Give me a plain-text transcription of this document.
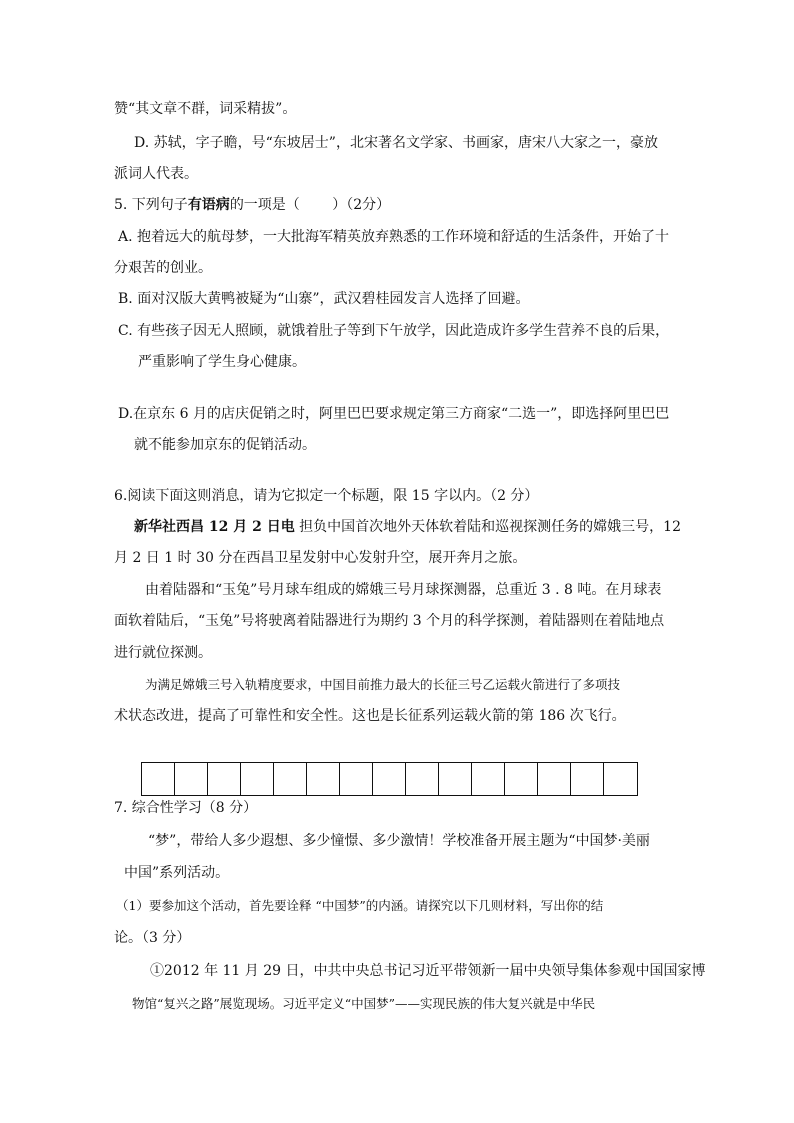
赞“其文章不群，词采精拔”。
D. 苏轼，字子瞻，号“东坡居士”，北宋著名文学家、书画家，唐宋八大家之一，豪放
派词人代表。
5. 下列句子有语病的一项是（　　 ）（2分）
A. 抱着远大的航母梦，一大批海军精英放弃熟悉的工作环境和舒适的生活条件，开始了十
分艰苦的创业。
B. 面对汉版大黄鸭被疑为“山寨”，武汉碧桂园发言人选择了回避。
C. 有些孩子因无人照顾，就饿着肚子等到下午放学，因此造成许多学生营养不良的后果，
严重影响了学生身心健康。
D.在京东 6 月的店庆促销之时，阿里巴巴要求规定第三方商家“二选一”，即选择阿里巴巴
就不能参加京东的促销活动。
6.阅读下面这则消息，请为它拟定一个标题，限 15 字以内。（2 分）
新华社西昌 12 月 2 日电 担负中国首次地外天体软着陆和巡视探测任务的嫦娥三号，12
月 2 日 1 时 30 分在西昌卫星发射中心发射升空，展开奔月之旅。
由着陆器和“玉兔”号月球车组成的嫦娥三号月球探测器，总重近 3 . 8 吨。在月球表
面软着陆后，“玉兔”号将驶离着陆器进行为期约 3 个月的科学探测，着陆器则在着陆地点
进行就位探测。
为满足嫦娥三号入轨精度要求，中国目前推力最大的长征三号乙运载火箭进行了多项技
术状态改进，提高了可靠性和安全性。这也是长征系列运载火箭的第 186 次飞行。
7. 综合性学习（8 分）
“梦”，带给人多少遐想、多少憧憬、多少激情！学校准备开展主题为“中国梦·美丽
中国”系列活动。
（1）要参加这个活动，首先要诠释 “中国梦”的内涵。请探究以下几则材料，写出你的结
论。（3 分）
①2012 年 11 月 29 日，中共中央总书记习近平带领新一届中央领导集体参观中国国家博
物馆“复兴之路”展览现场。习近平定义“中国梦”——实现民族的伟大复兴就是中华民
